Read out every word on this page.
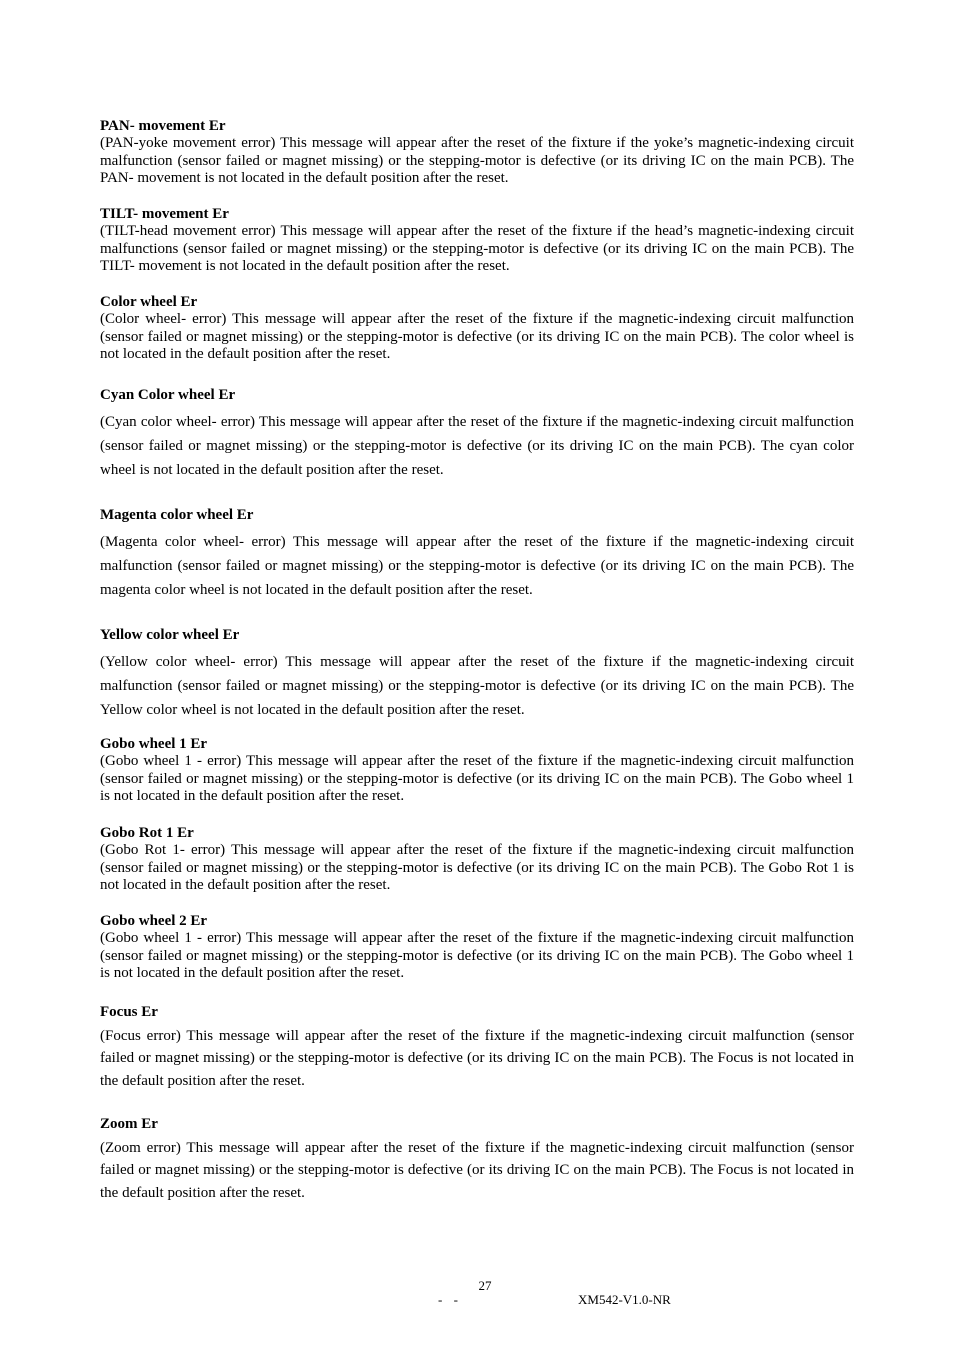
PAN- movement Er

(PAN-yoke movement error) This message will appear after the reset of the fixture if the yoke’s magnetic-indexing circuit malfunction (sensor failed or magnet missing) or the stepping-motor is defective (or its driving IC on the main PCB). The PAN- movement is not located in the default position after the reset.

TILT- movement Er

(TILT-head movement error) This message will appear after the reset of the fixture if the head’s magnetic-indexing circuit malfunctions (sensor failed or magnet missing) or the stepping-motor is defective (or its driving IC on the main PCB). The TILT- movement is not located in the default position after the reset.

Color wheel Er

(Color wheel- error) This message will appear after the reset of the fixture if the magnetic-indexing circuit malfunction (sensor failed or magnet missing) or the stepping-motor is defective (or its driving IC on the main PCB). The color wheel is not located in the default position after the reset.

Cyan Color wheel Er

(Cyan color wheel- error) This message will appear after the reset of the fixture if the magnetic-indexing circuit malfunction (sensor failed or magnet missing) or the stepping-motor is defective (or its driving IC on the main PCB). The cyan color wheel is not located in the default position after the reset.

Magenta color wheel Er

(Magenta color wheel- error) This message will appear after the reset of the fixture if the magnetic-indexing circuit malfunction (sensor failed or magnet missing) or the stepping-motor is defective (or its driving IC on the main PCB). The magenta color wheel is not located in the default position after the reset.

Yellow color wheel Er

(Yellow color wheel- error) This message will appear after the reset of the fixture if the magnetic-indexing circuit malfunction (sensor failed or magnet missing) or the stepping-motor is defective (or its driving IC on the main PCB). The Yellow color wheel is not located in the default position after the reset.

Gobo wheel 1 Er

(Gobo wheel 1 - error) This message will appear after the reset of the fixture if the magnetic-indexing circuit malfunction (sensor failed or magnet missing) or the stepping-motor is defective (or its driving IC on the main PCB). The Gobo wheel 1 is not located in the default position after the reset.

Gobo Rot 1 Er

(Gobo Rot 1- error) This message will appear after the reset of the fixture if the magnetic-indexing circuit malfunction (sensor failed or magnet missing) or the stepping-motor is defective (or its driving IC on the main PCB). The Gobo Rot 1 is not located in the default position after the reset.

Gobo wheel 2 Er

(Gobo wheel 1 - error) This message will appear after the reset of the fixture if the magnetic-indexing circuit malfunction (sensor failed or magnet missing) or the stepping-motor is defective (or its driving IC on the main PCB). The Gobo wheel 1 is not located in the default position after the reset.

Focus Er

(Focus error) This message will appear after the reset of the fixture if the magnetic-indexing circuit malfunction (sensor failed or magnet missing) or the stepping-motor is defective (or its driving IC on the main PCB). The Focus is not located in the default position after the reset.

Zoom Er

(Zoom error) This message will appear after the reset of the fixture if the magnetic-indexing circuit malfunction (sensor failed or magnet missing) or the stepping-motor is defective (or its driving IC on the main PCB). The Focus is not located in the default position after the reset.

27
- -	XM542-V1.0-NR
